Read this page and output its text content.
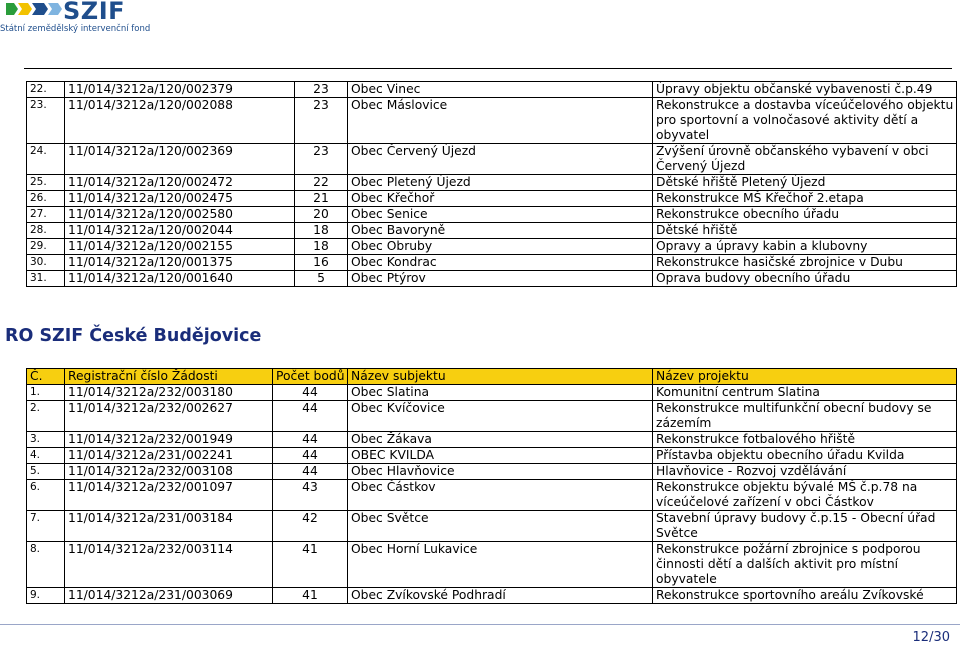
SZIF
Státní zemědělský intervenční fond
22.	11/014/3212a/120/002379	23	Obec Vinec	Úpravy objektu občanské vybavenosti č.p.49
23.	11/014/3212a/120/002088	23	Obec Máslovice	Rekonstrukce a dostavba víceúčelového objektu pro sportovní a volnočasové aktivity dětí a obyvatel
24.	11/014/3212a/120/002369	23	Obec Červený Újezd	Zvýšení úrovně občanského vybavení v obci Červený Újezd
25.	11/014/3212a/120/002472	22	Obec Pletený Újezd	Dětské hřiště Pletený Újezd
26.	11/014/3212a/120/002475	21	Obec Křečhoř	Rekonstrukce MŠ Křečhoř 2.etapa
27.	11/014/3212a/120/002580	20	Obec Senice	Rekonstrukce obecního úřadu
28.	11/014/3212a/120/002044	18	Obec Bavoryně	Dětské hřiště
29.	11/014/3212a/120/002155	18	Obec Obruby	Opravy a úpravy kabin a klubovny
30.	11/014/3212a/120/001375	16	Obec Kondrac	Rekonstrukce hasičské zbrojnice v Dubu
31.	11/014/3212a/120/001640	5	Obec Ptýrov	Oprava budovy obecního úřadu
RO SZIF České Budějovice
Č.	Registrační číslo Žádosti	Počet bodů	Název subjektu	Název projektu
1.	11/014/3212a/232/003180	44	Obec Slatina	Komunitní centrum Slatina
2.	11/014/3212a/232/002627	44	Obec Kvíčovice	Rekonstrukce multifunkční obecní budovy se zázemím
3.	11/014/3212a/232/001949	44	Obec Žákava	Rekonstrukce fotbalového hřiště
4.	11/014/3212a/231/002241	44	OBEC KVILDA	Přístavba objektu obecního úřadu Kvilda
5.	11/014/3212a/232/003108	44	Obec Hlavňovice	Hlavňovice - Rozvoj vzdělávání
6.	11/014/3212a/232/001097	43	Obec Částkov	Rekonstrukce objektu bývalé MŠ č.p.78 na víceúčelové zařízení v obci Částkov
7.	11/014/3212a/231/003184	42	Obec Světce	Stavební úpravy budovy č.p.15 - Obecní úřad Světce
8.	11/014/3212a/232/003114	41	Obec Horní Lukavice	Rekonstrukce požární zbrojnice s podporou činnosti dětí a dalších aktivit pro místní obyvatele
9.	11/014/3212a/231/003069	41	Obec Zvíkovské Podhradí	Rekonstrukce sportovního areálu Zvíkovské
12/30
